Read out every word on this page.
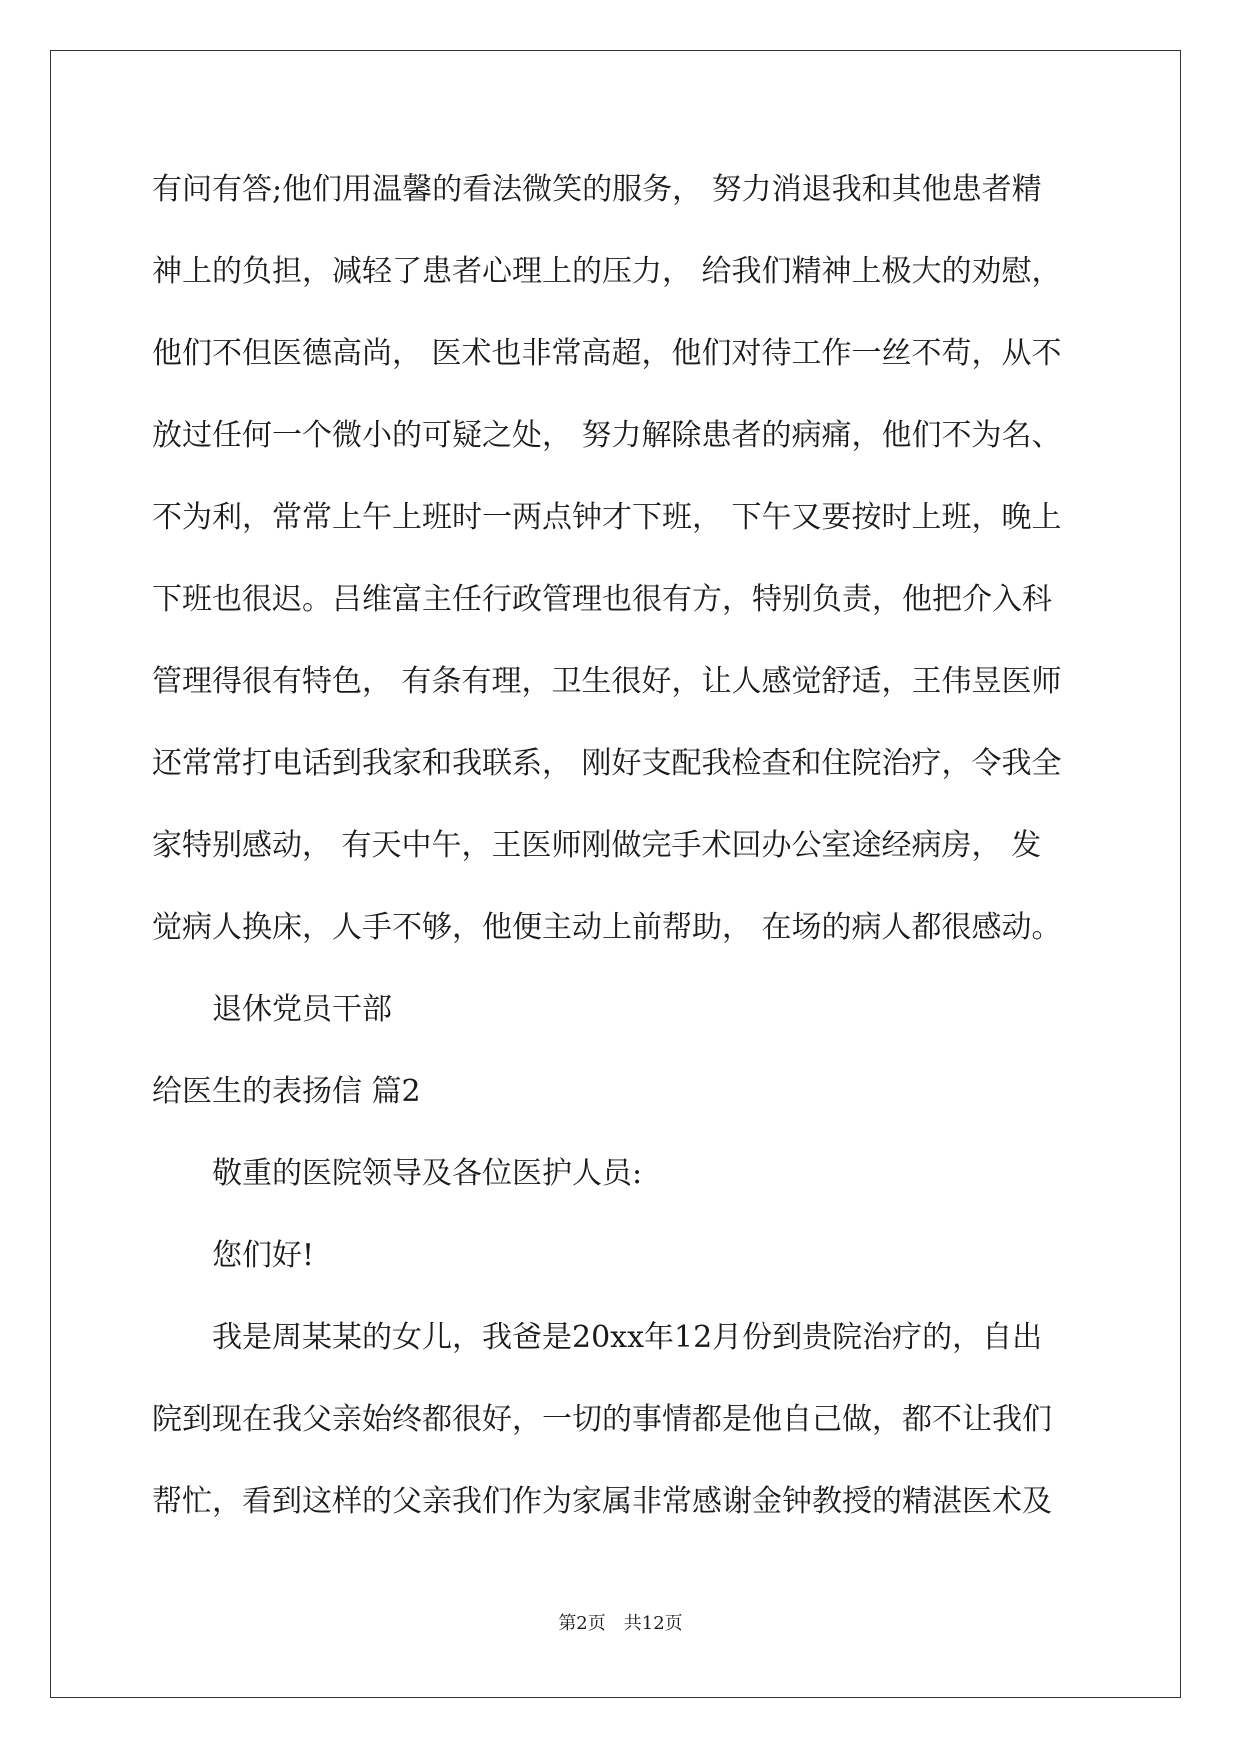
有问有答;他们用温馨的看法微笑的服务， 努力消退我和其他患者精
神上的负担，减轻了患者心理上的压力， 给我们精神上极大的劝慰，
他们不但医德高尚， 医术也非常高超，他们对待工作一丝不苟，从不
放过任何一个微小的可疑之处， 努力解除患者的病痛，他们不为名、
不为利，常常上午上班时一两点钟才下班， 下午又要按时上班，晚上
下班也很迟。吕维富主任行政管理也很有方，特别负责，他把介入科
管理得很有特色， 有条有理，卫生很好，让人感觉舒适，王伟昱医师
还常常打电话到我家和我联系， 刚好支配我检查和住院治疗，令我全
家特别感动， 有天中午，王医师刚做完手术回办公室途经病房， 发
觉病人换床，人手不够，他便主动上前帮助， 在场的病人都很感动。
退休党员干部
给医生的表扬信 篇2
敬重的医院领导及各位医护人员:
您们好!
我是周某某的女儿，我爸是20xx年12月份到贵院治疗的，自出
院到现在我父亲始终都很好，一切的事情都是他自己做，都不让我们
帮忙，看到这样的父亲我们作为家属非常感谢金钟教授的精湛医术及
第2页　共12页
